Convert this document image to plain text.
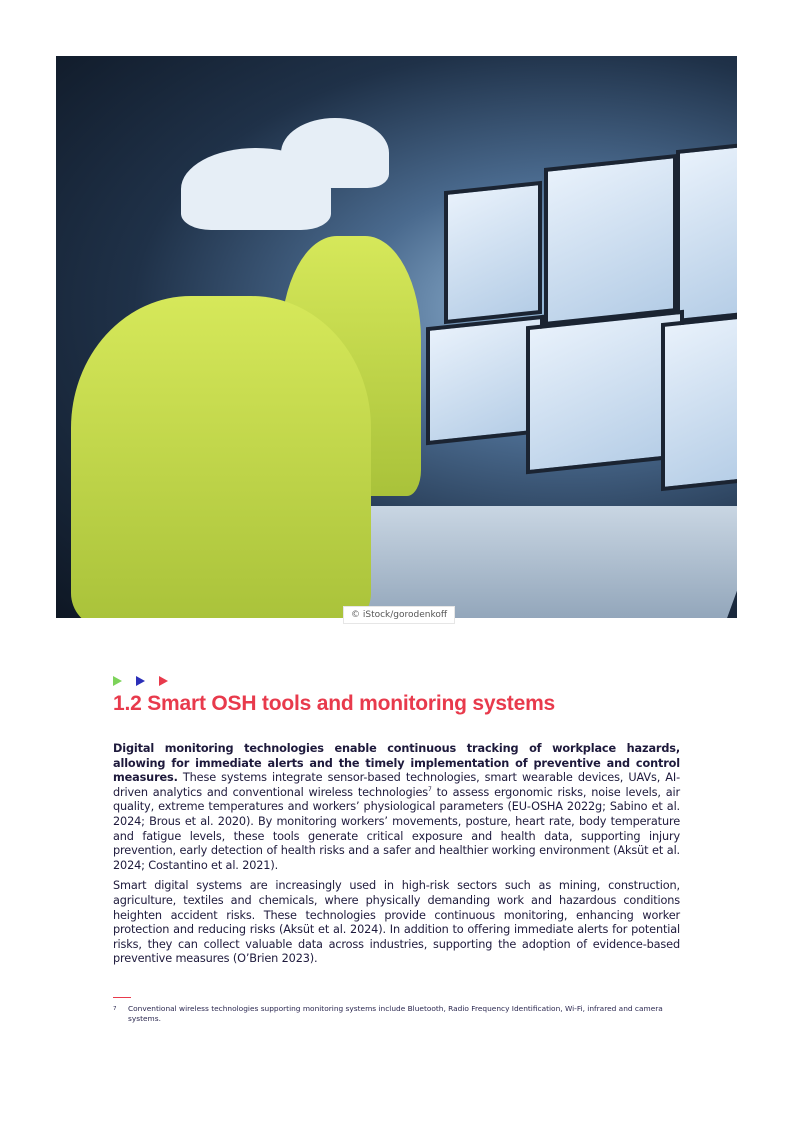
© iStock/gorodenkoff
1.2 Smart OSH tools and monitoring systems

Digital monitoring technologies enable continuous tracking of workplace hazards, allowing for immediate alerts and the timely implementation of preventive and control measures. These systems integrate sensor-based technologies, smart wearable devices, UAVs, AI-driven analytics and conventional wireless technologies$^7$ to assess ergonomic risks, noise levels, air quality, extreme temperatures and workers’ physiological parameters (EU-OSHA 2022g; Sabino et al. 2024; Brous et al. 2020). By monitoring workers’ movements, posture, heart rate, body temperature and fatigue levels, these tools generate critical exposure and health data, supporting injury prevention, early detection of health risks and a safer and healthier working environment (Aksüt et al. 2024; Costantino et al. 2021).

Smart digital systems are increasingly used in high-risk sectors such as mining, construction, agriculture, textiles and chemicals, where physically demanding work and hazardous conditions heighten accident risks. These technologies provide continuous monitoring, enhancing worker protection and reducing risks (Aksüt et al. 2024). In addition to offering immediate alerts for potential risks, they can collect valuable data across industries, supporting the adoption of evidence-based preventive measures (O’Brien 2023).

7	Conventional wireless technologies supporting monitoring systems include Bluetooth, Radio Frequency Identification, Wi-Fi, infrared and camera systems.
